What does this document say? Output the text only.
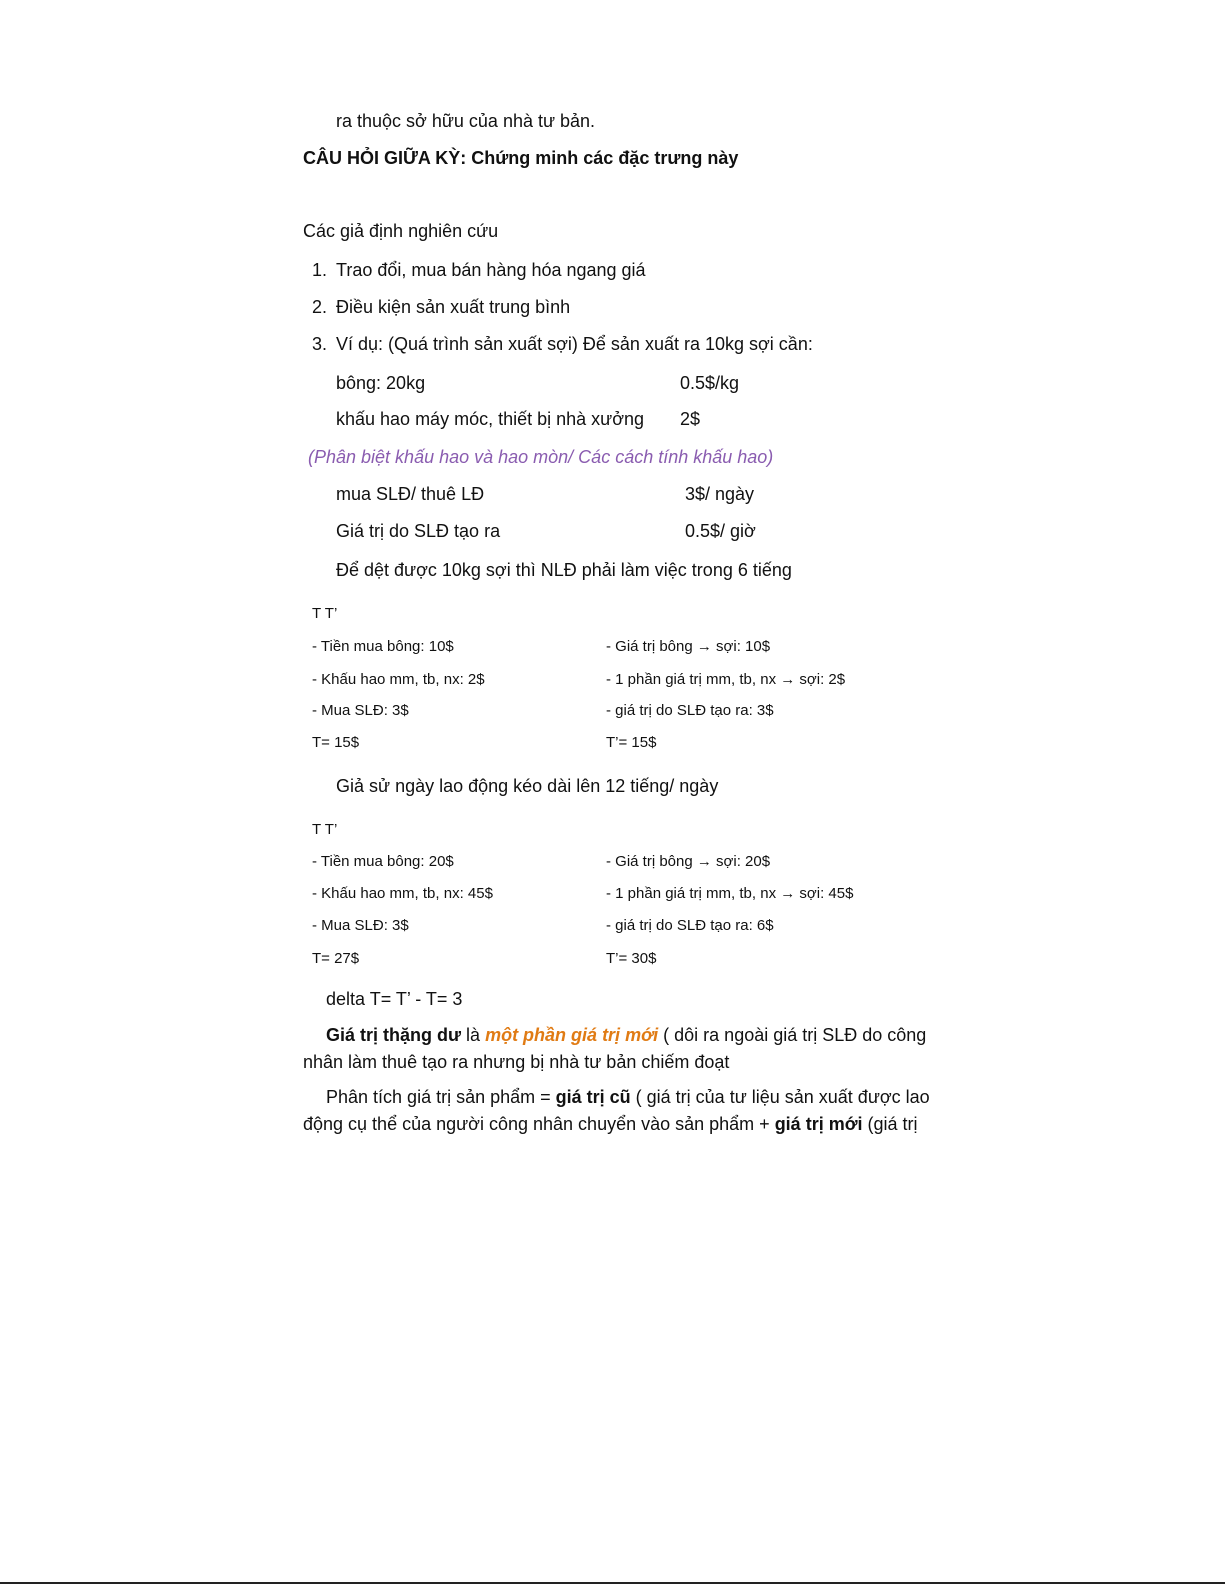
ra thuộc sở hữu của nhà tư bản.
CÂU HỎI GIỮA KỲ: Chứng minh các đặc trưng này
Các giả định nghiên cứu
1. Trao đổi, mua bán hàng hóa ngang giá
2. Điều kiện sản xuất trung bình
3. Ví dụ: (Quá trình sản xuất sợi) Để sản xuất ra 10kg sợi cần:
bông: 20kg	0.5$/kg
khấu hao máy móc, thiết bị nhà xưởng 2$
(Phân biệt khấu hao và hao mòn/ Các cách tính khấu hao)
mua SLĐ/ thuê LĐ	3$/ ngày
Giá trị do SLĐ tạo ra	0.5$/ giờ
Để dệt được 10kg sợi thì NLĐ phải làm việc trong 6 tiếng
T T’
- Tiền mua bông: 10$	- Giá trị bông → sợi: 10$
- Khấu hao mm, tb, nx: 2$	- 1 phần giá trị mm, tb, nx → sợi: 2$
- Mua SLĐ: 3$	- giá trị do SLĐ tạo ra: 3$
T= 15$	T’= 15$
Giả sử ngày lao động kéo dài lên 12 tiếng/ ngày
T T’
- Tiền mua bông: 20$	- Giá trị bông → sợi: 20$
- Khấu hao mm, tb, nx: 45$	- 1 phần giá trị mm, tb, nx → sợi: 45$
- Mua SLĐ: 3$	- giá trị do SLĐ tạo ra: 6$
T= 27$	T’= 30$
delta T= T’ - T= 3
Giá trị thặng dư là một phần giá trị mới ( dôi ra ngoài giá trị SLĐ do công
nhân làm thuê tạo ra nhưng bị nhà tư bản chiếm đoạt
Phân tích giá trị sản phẩm = giá trị cũ ( giá trị của tư liệu sản xuất được lao
động cụ thể của người công nhân chuyển vào sản phẩm + giá trị mới (giá trị
